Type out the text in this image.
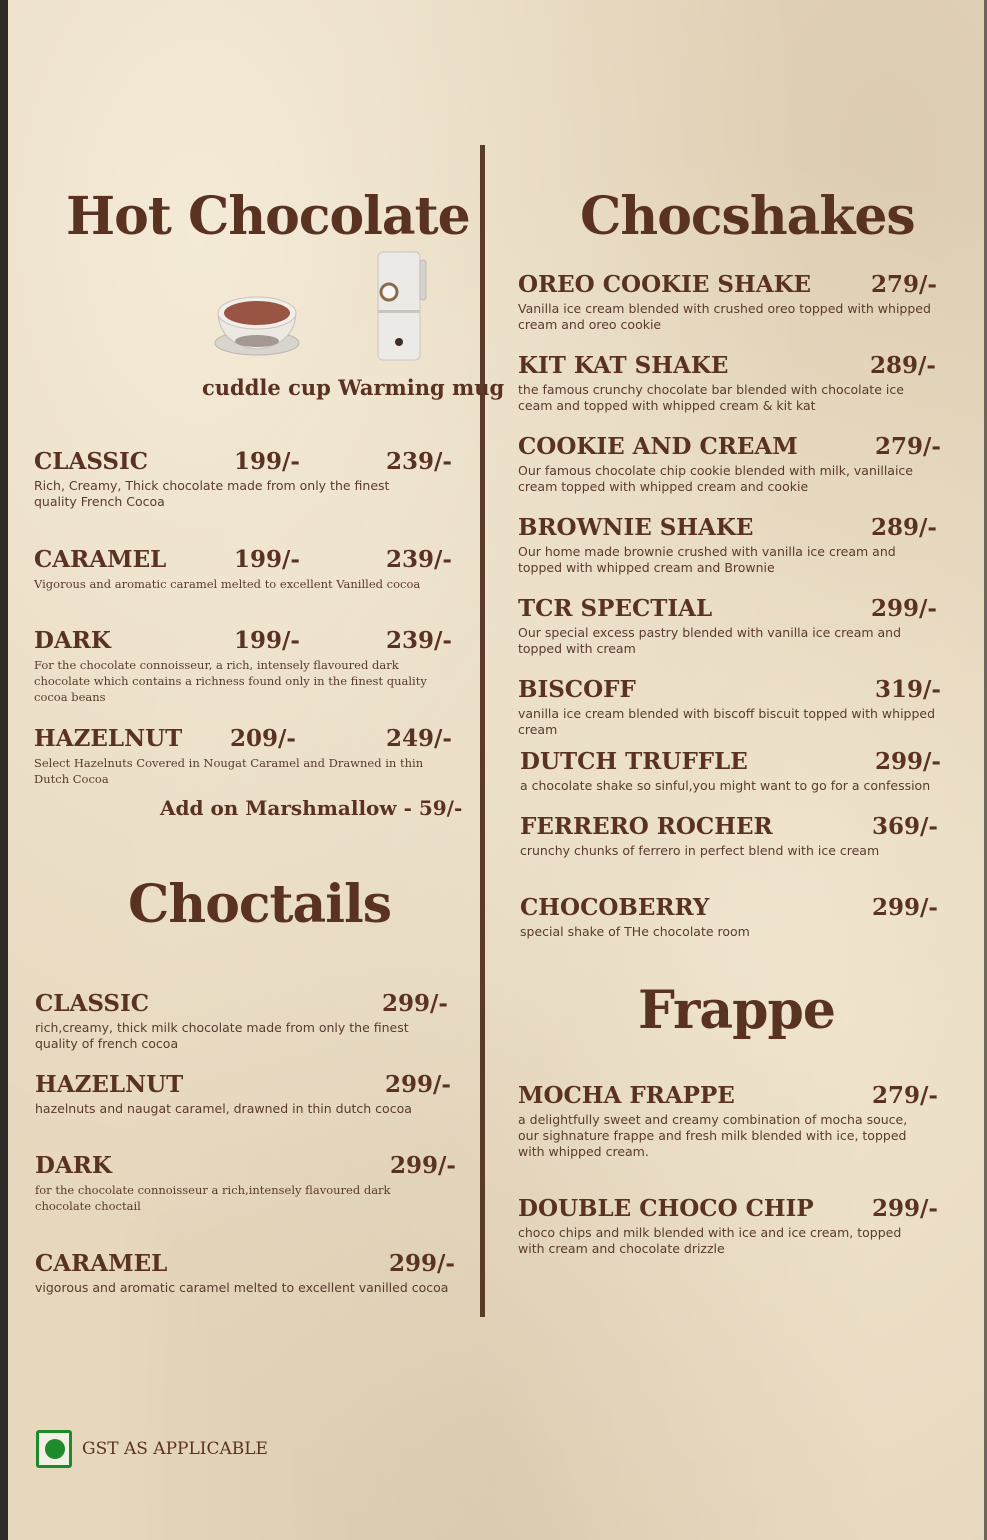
Hot Chocolate
cuddle cup Warming mug
CLASSIC	199/-	239/-
Rich, Creamy, Thick chocolate made from only the finest quality French Cocoa
CARAMEL	199/-	239/-
Vigorous and aromatic caramel melted to excellent Vanilled cocoa
DARK	199/-	239/-
For the chocolate connoisseur, a rich, intensely flavoured dark chocolate which contains a richness found only in the finest quality cocoa beans
HAZELNUT 209/-	249/-
Select Hazelnuts Covered in Nougat Caramel and Drawned in thin Dutch Cocoa
Add on Marshmallow - 59/-
Choctails
CLASSIC	299/-
rich,creamy, thick milk chocolate made from only the finest quality of french cocoa
HAZELNUT	299/-
hazelnuts and naugat caramel, drawned in thin dutch cocoa
DARK	299/-
for the chocolate connoisseur a rich,intensely flavoured dark chocolate choctail
CARAMEL	299/-
vigorous and aromatic caramel melted to excellent vanilled cocoa
Chocshakes
OREO COOKIE SHAKE	279/-
Vanilla ice cream blended with crushed oreo topped with whipped cream and oreo cookie
KIT KAT SHAKE	289/-
the famous crunchy chocolate bar blended with chocolate ice ceam and topped with whipped cream & kit kat
COOKIE AND CREAM	279/-
Our famous chocolate chip cookie blended with milk, vanillaice cream topped with whipped cream and cookie
BROWNIE SHAKE	289/-
Our home made brownie crushed with vanilla ice cream and topped with whipped cream and Brownie
TCR SPECTIAL	299/-
Our special excess pastry blended with vanilla ice cream and topped with cream
BISCOFF	319/-
vanilla ice cream blended with biscoff biscuit topped with whipped cream
DUTCH TRUFFLE	299/-
a chocolate shake so sinful,you might want to go for a confession
FERRERO ROCHER	369/-
crunchy chunks of ferrero in perfect blend with ice cream
CHOCOBERRY	299/-
special shake of THe chocolate room
Frappe
MOCHA FRAPPE	279/-
a delightfully sweet and creamy combination of mocha souce, our sighnature frappe and fresh milk blended with ice, topped with whipped cream.
DOUBLE CHOCO CHIP	299/-
choco chips and milk blended with ice and ice cream, topped with cream and chocolate drizzle
GST AS APPLICABLE
